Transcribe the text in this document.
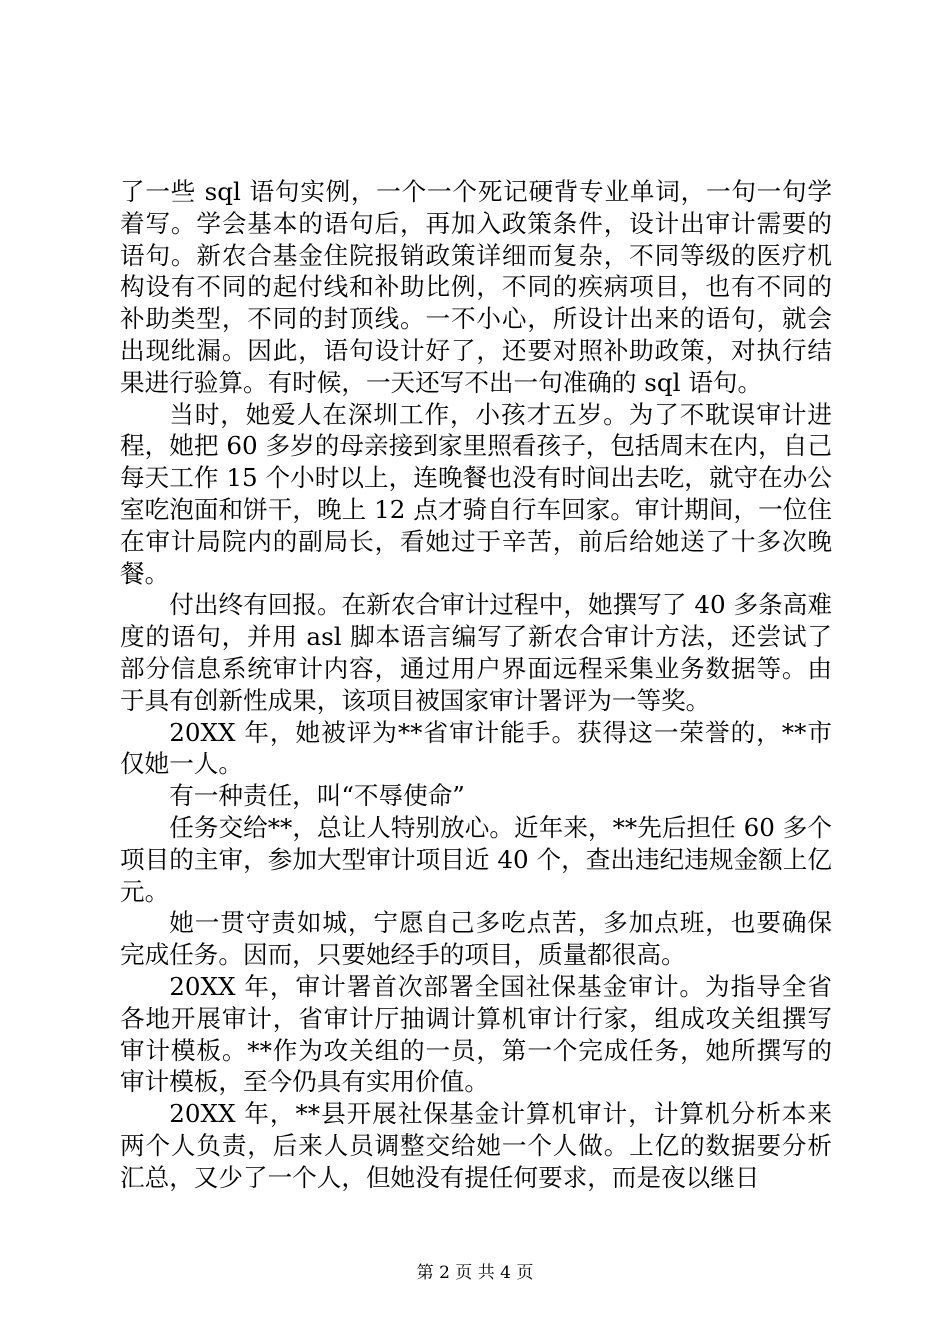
了一些 sql 语句实例，一个一个死记硬背专业单词，一句一句学着写。学会基本的语句后，再加入政策条件，设计出审计需要的语句。新农合基金住院报销政策详细而复杂，不同等级的医疗机构设有不同的起付线和补助比例，不同的疾病项目，也有不同的补助类型，不同的封顶线。一不小心，所设计出来的语句，就会出现纰漏。因此，语句设计好了，还要对照补助政策，对执行结果进行验算。有时候，一天还写不出一句准确的 sql 语句。

当时，她爱人在深圳工作，小孩才五岁。为了不耽误审计进程，她把 60 多岁的母亲接到家里照看孩子，包括周末在内，自己每天工作 15 个小时以上，连晚餐也没有时间出去吃，就守在办公室吃泡面和饼干，晚上 12 点才骑自行车回家。审计期间，一位住在审计局院内的副局长，看她过于辛苦，前后给她送了十多次晚餐。

付出终有回报。在新农合审计过程中，她撰写了 40 多条高难度的语句，并用 asl 脚本语言编写了新农合审计方法，还尝试了部分信息系统审计内容，通过用户界面远程采集业务数据等。由于具有创新性成果，该项目被国家审计署评为一等奖。

20XX 年，她被评为**省审计能手。获得这一荣誉的，**市仅她一人。

有一种责任，叫“不辱使命”

任务交给**，总让人特别放心。近年来，**先后担任 60 多个项目的主审，参加大型审计项目近 40 个，查出违纪违规金额上亿元。

她一贯守责如城，宁愿自己多吃点苦，多加点班，也要确保完成任务。因而，只要她经手的项目，质量都很高。

20XX 年，审计署首次部署全国社保基金审计。为指导全省各地开展审计，省审计厅抽调计算机审计行家，组成攻关组撰写审计模板。**作为攻关组的一员，第一个完成任务，她所撰写的审计模板，至今仍具有实用价值。

20XX 年，**县开展社保基金计算机审计，计算机分析本来两个人负责，后来人员调整交给她一个人做。上亿的数据要分析汇总，又少了一个人，但她没有提任何要求，而是夜以继日

第 2 页 共 4 页
